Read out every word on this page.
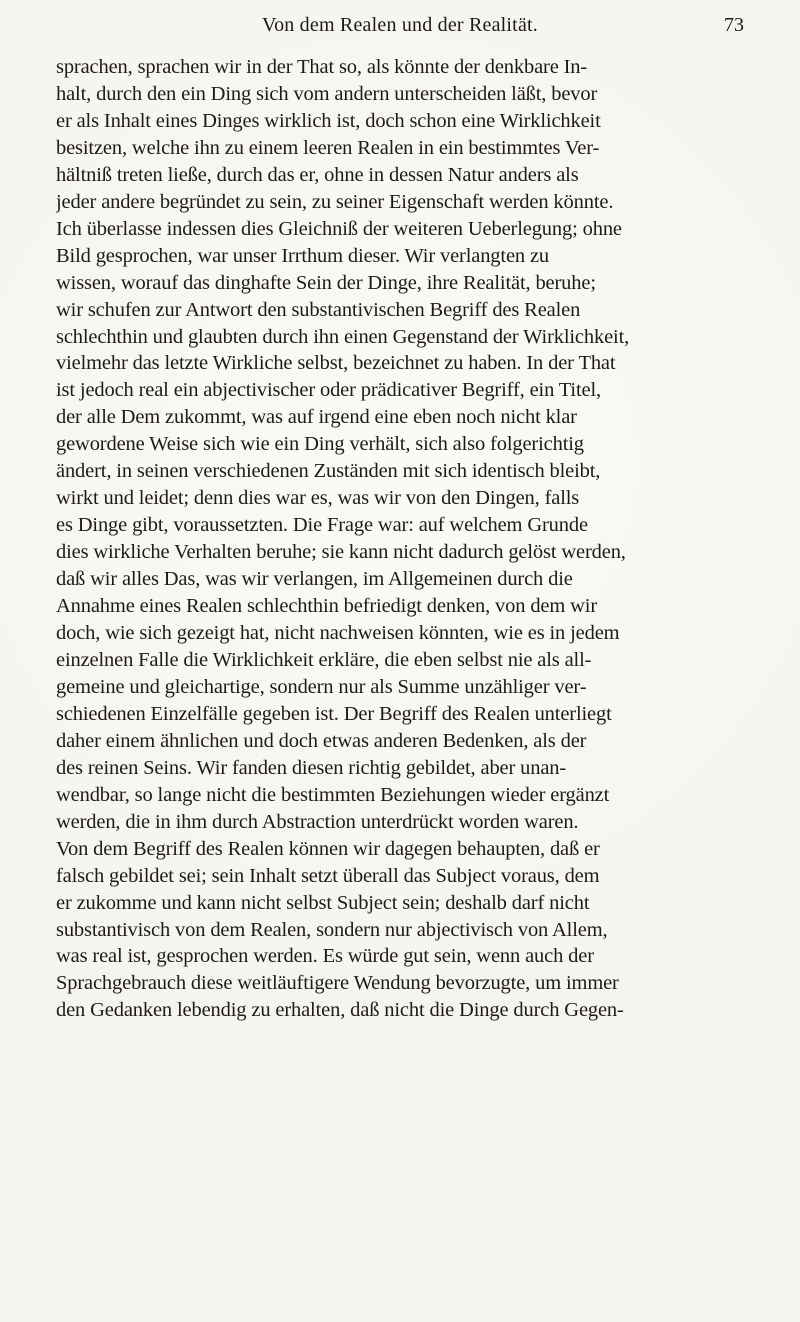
Von dem Realen und der Realität.	73
sprachen, sprachen wir in der That so, als könnte der denkbare In-
halt, durch den ein Ding sich vom andern unterscheiden läßt, bevor
er als Inhalt eines Dinges wirklich ist, doch schon eine Wirklichkeit
besitzen, welche ihn zu einem leeren Realen in ein bestimmtes Ver-
hältniß treten ließe, durch das er, ohne in dessen Natur anders als
jeder andere begründet zu sein, zu seiner Eigenschaft werden könnte.
Ich überlasse indessen dies Gleichniß der weiteren Ueberlegung; ohne
Bild gesprochen, war unser Irrthum dieser. Wir verlangten zu
wissen, worauf das dinghafte Sein der Dinge, ihre Realität, beruhe;
wir schufen zur Antwort den substantivischen Begriff des Realen
schlechthin und glaubten durch ihn einen Gegenstand der Wirklichkeit,
vielmehr das letzte Wirkliche selbst, bezeichnet zu haben. In der That
ist jedoch real ein abjectivischer oder prädicativer Begriff, ein Titel,
der alle Dem zukommt, was auf irgend eine eben noch nicht klar
gewordene Weise sich wie ein Ding verhält, sich also folgerichtig
ändert, in seinen verschiedenen Zuständen mit sich identisch bleibt,
wirkt und leidet; denn dies war es, was wir von den Dingen, falls
es Dinge gibt, voraussetzten. Die Frage war: auf welchem Grunde
dies wirkliche Verhalten beruhe; sie kann nicht dadurch gelöst werden,
daß wir alles Das, was wir verlangen, im Allgemeinen durch die
Annahme eines Realen schlechthin befriedigt denken, von dem wir
doch, wie sich gezeigt hat, nicht nachweisen könnten, wie es in jedem
einzelnen Falle die Wirklichkeit erkläre, die eben selbst nie als all-
gemeine und gleichartige, sondern nur als Summe unzähliger ver-
schiedenen Einzelfälle gegeben ist. Der Begriff des Realen unterliegt
daher einem ähnlichen und doch etwas anderen Bedenken, als der
des reinen Seins. Wir fanden diesen richtig gebildet, aber unan-
wendbar, so lange nicht die bestimmten Beziehungen wieder ergänzt
werden, die in ihm durch Abstraction unterdrückt worden waren.
Von dem Begriff des Realen können wir dagegen behaupten, daß er
falsch gebildet sei; sein Inhalt setzt überall das Subject voraus, dem
er zukomme und kann nicht selbst Subject sein; deshalb darf nicht
substantivisch von dem Realen, sondern nur abjectivisch von Allem,
was real ist, gesprochen werden. Es würde gut sein, wenn auch der
Sprachgebrauch diese weitläuftigere Wendung bevorzugte, um immer
den Gedanken lebendig zu erhalten, daß nicht die Dinge durch Gegen-
